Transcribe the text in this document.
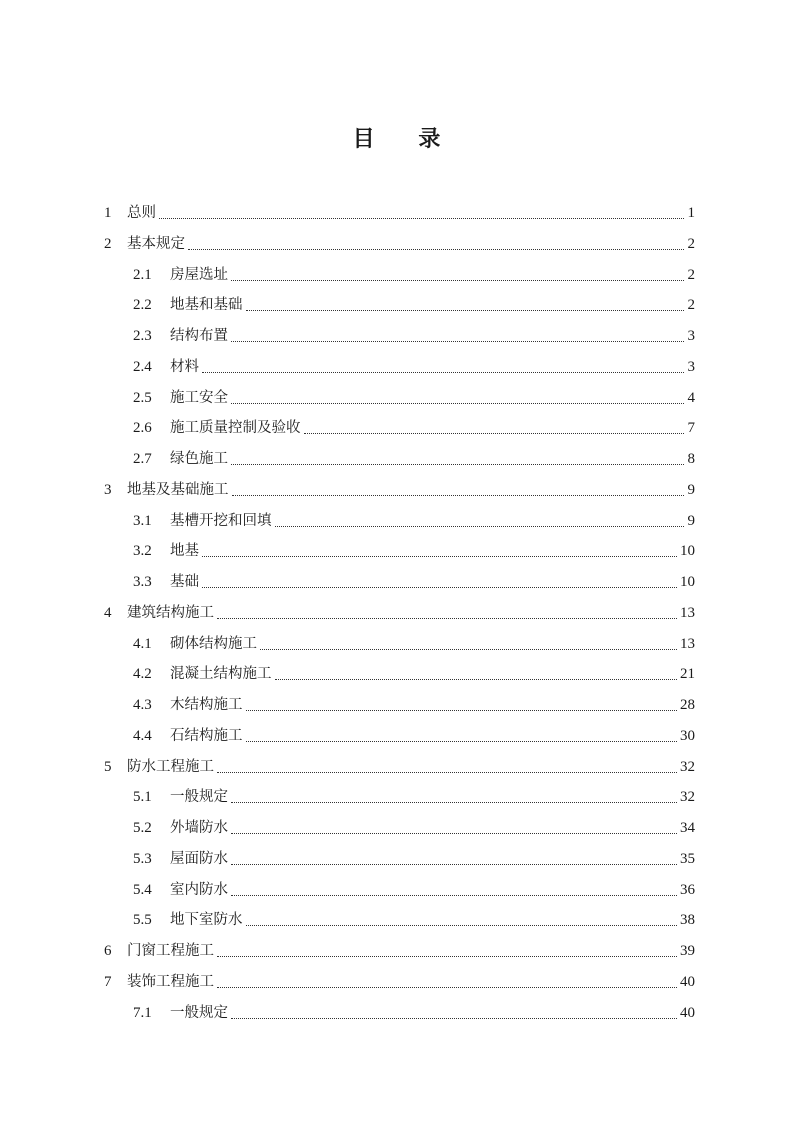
目 录
1	总则	1
2	基本规定	2
2.1	房屋选址	2
2.2	地基和基础	2
2.3	结构布置	3
2.4	材料	3
2.5	施工安全	4
2.6	施工质量控制及验收	7
2.7	绿色施工	8
3	地基及基础施工	9
3.1	基槽开挖和回填	9
3.2	地基	10
3.3	基础	10
4	建筑结构施工	13
4.1	砌体结构施工	13
4.2	混凝土结构施工	21
4.3	木结构施工	28
4.4	石结构施工	30
5	防水工程施工	32
5.1	一般规定	32
5.2	外墙防水	34
5.3	屋面防水	35
5.4	室内防水	36
5.5	地下室防水	38
6	门窗工程施工	39
7	装饰工程施工	40
7.1	一般规定	40
